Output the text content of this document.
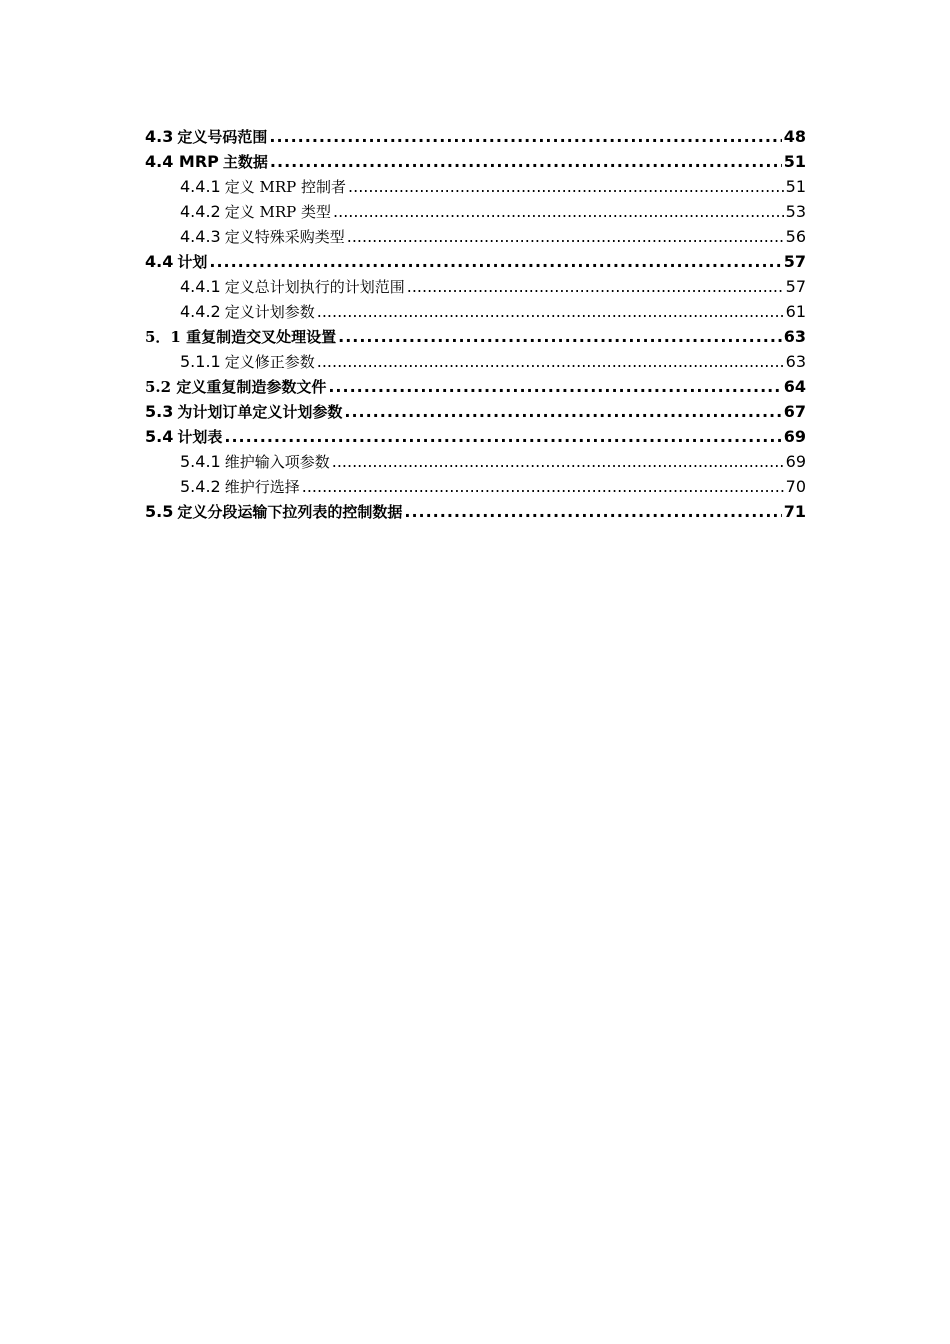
4.3 定义号码范围 .....	48
4.4 MRP 主数据 .....	51
4.4.1 定义 MRP 控制者 .....	51
4.4.2 定义 MRP 类型 .....	53
4.4.3 定义特殊采购类型 .....	56
4.4 计划 .....	57
4.4.1 定义总计划执行的计划范围 .....	57
4.4.2 定义计划参数 .....	61
5．1 重复制造交叉处理设置 .....	63
5.1.1 定义修正参数 .....	63
5.2 定义重复制造参数文件 .....	64
5.3 为计划订单定义计划参数 .....	67
5.4 计划表 .....	69
5.4.1 维护输入项参数 .....	69
5.4.2 维护行选择 .....	70
5.5 定义分段运输下拉列表的控制数据 .....	71
